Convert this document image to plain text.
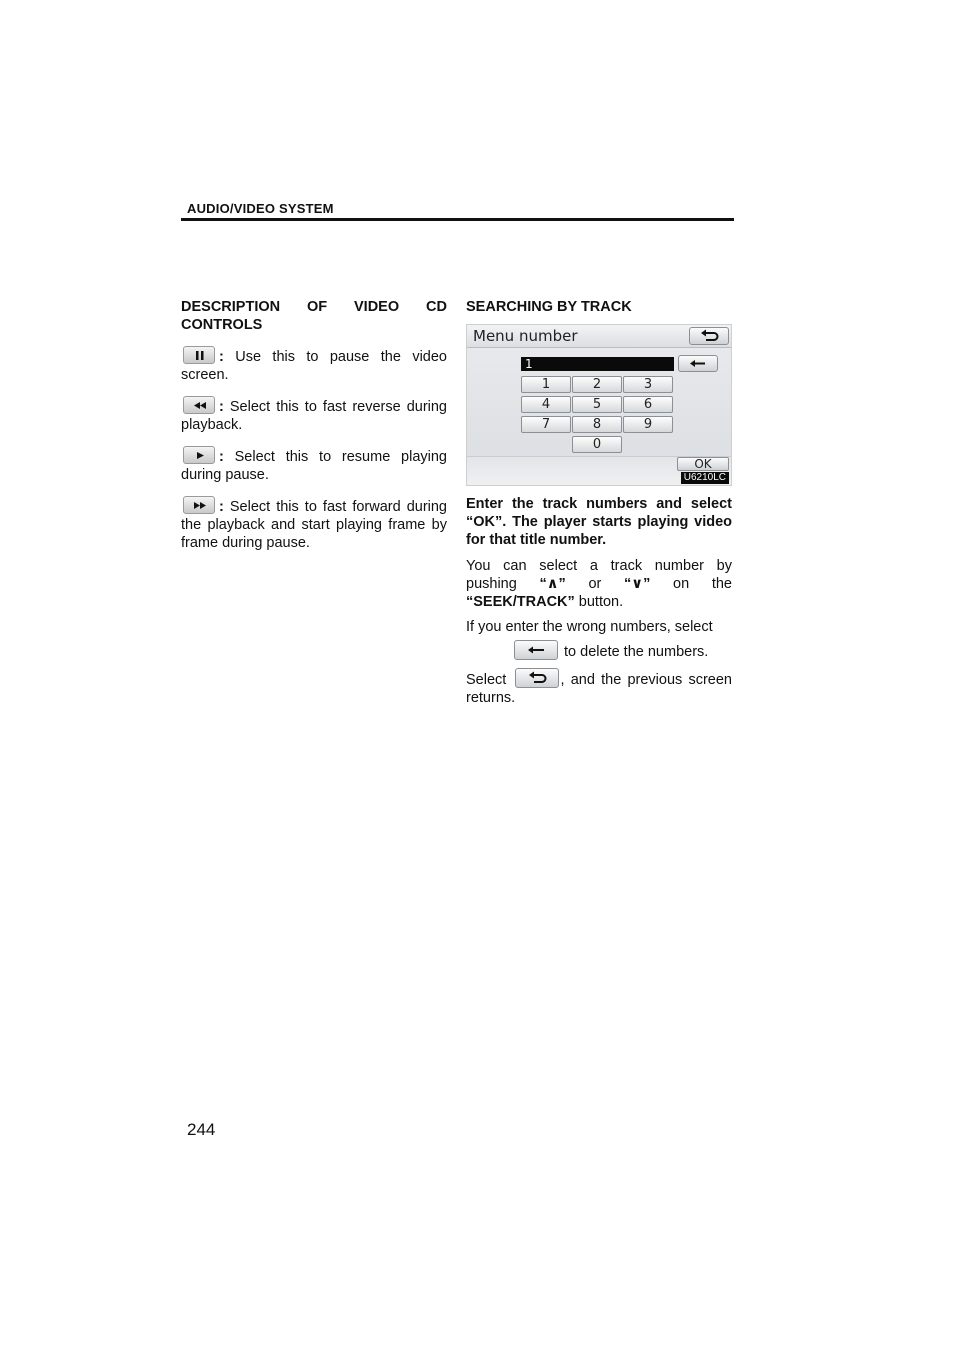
AUDIO/VIDEO SYSTEM
DESCRIPTION OF VIDEO CD
CONTROLS

: Use this to pause the video screen.

: Select this to fast reverse during playback.

: Select this to resume playing during pause.

: Select this to fast forward during the playback and start playing frame by frame during pause.

SEARCHING BY TRACK
Menu number
1
1	2	3
4	5	6
7	8	9
0
OK
U6210LC

Enter the track numbers and select “OK”. The player starts playing video for that title number.

You can select a track number by pushing “∧” or “∨” on the “SEEK/TRACK” button.

If you enter the wrong numbers, select
to delete the numbers.

Select	, and the previous screen returns.

244
